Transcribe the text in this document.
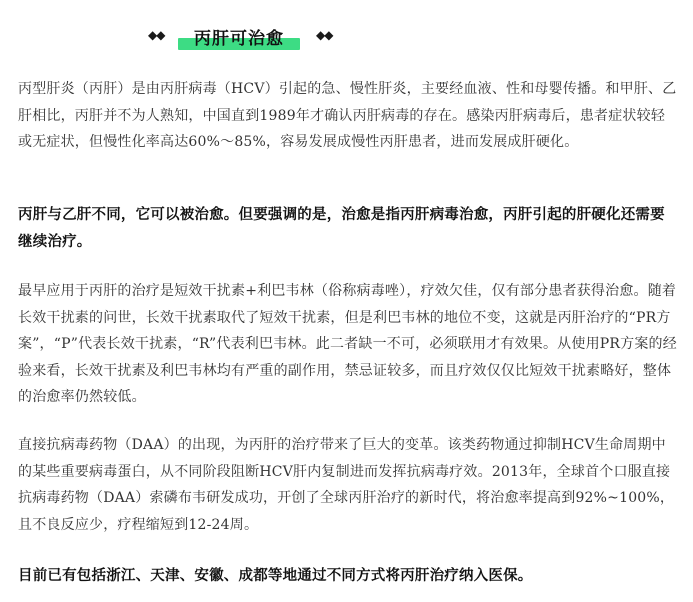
◆◆	丙肝可治愈	◆◆

丙型肝炎（丙肝）是由丙肝病毒（HCV）引起的急、慢性肝炎，主要经血液、性和母婴传播。和甲肝、乙肝相比，丙肝并不为人熟知，中国直到1989年才确认丙肝病毒的存在。感染丙肝病毒后，患者症状较轻或无症状，但慢性化率高达60%～85%，容易发展成慢性丙肝患者，进而发展成肝硬化。

丙肝与乙肝不同，它可以被治愈。但要强调的是，治愈是指丙肝病毒治愈，丙肝引起的肝硬化还需要继续治疗。

最早应用于丙肝的治疗是短效干扰素+利巴韦林（俗称病毒唑），疗效欠佳，仅有部分患者获得治愈。随着长效干扰素的问世，长效干扰素取代了短效干扰素，但是利巴韦林的地位不变，这就是丙肝治疗的“PR方案”，“P”代表长效干扰素，“R”代表利巴韦林。此二者缺一不可，必须联用才有效果。从使用PR方案的经验来看，长效干扰素及利巴韦林均有严重的副作用，禁忌证较多，而且疗效仅仅比短效干扰素略好，整体的治愈率仍然较低。

直接抗病毒药物（DAA）的出现，为丙肝的治疗带来了巨大的变革。该类药物通过抑制HCV生命周期中的某些重要病毒蛋白，从不同阶段阻断HCV肝内复制进而发挥抗病毒疗效。2013年，全球首个口服直接抗病毒药物（DAA）索磷布韦研发成功，开创了全球丙肝治疗的新时代，将治愈率提高到92%~100%，且不良反应少，疗程缩短到12-24周。

目前已有包括浙江、天津、安徽、成都等地通过不同方式将丙肝治疗纳入医保。
